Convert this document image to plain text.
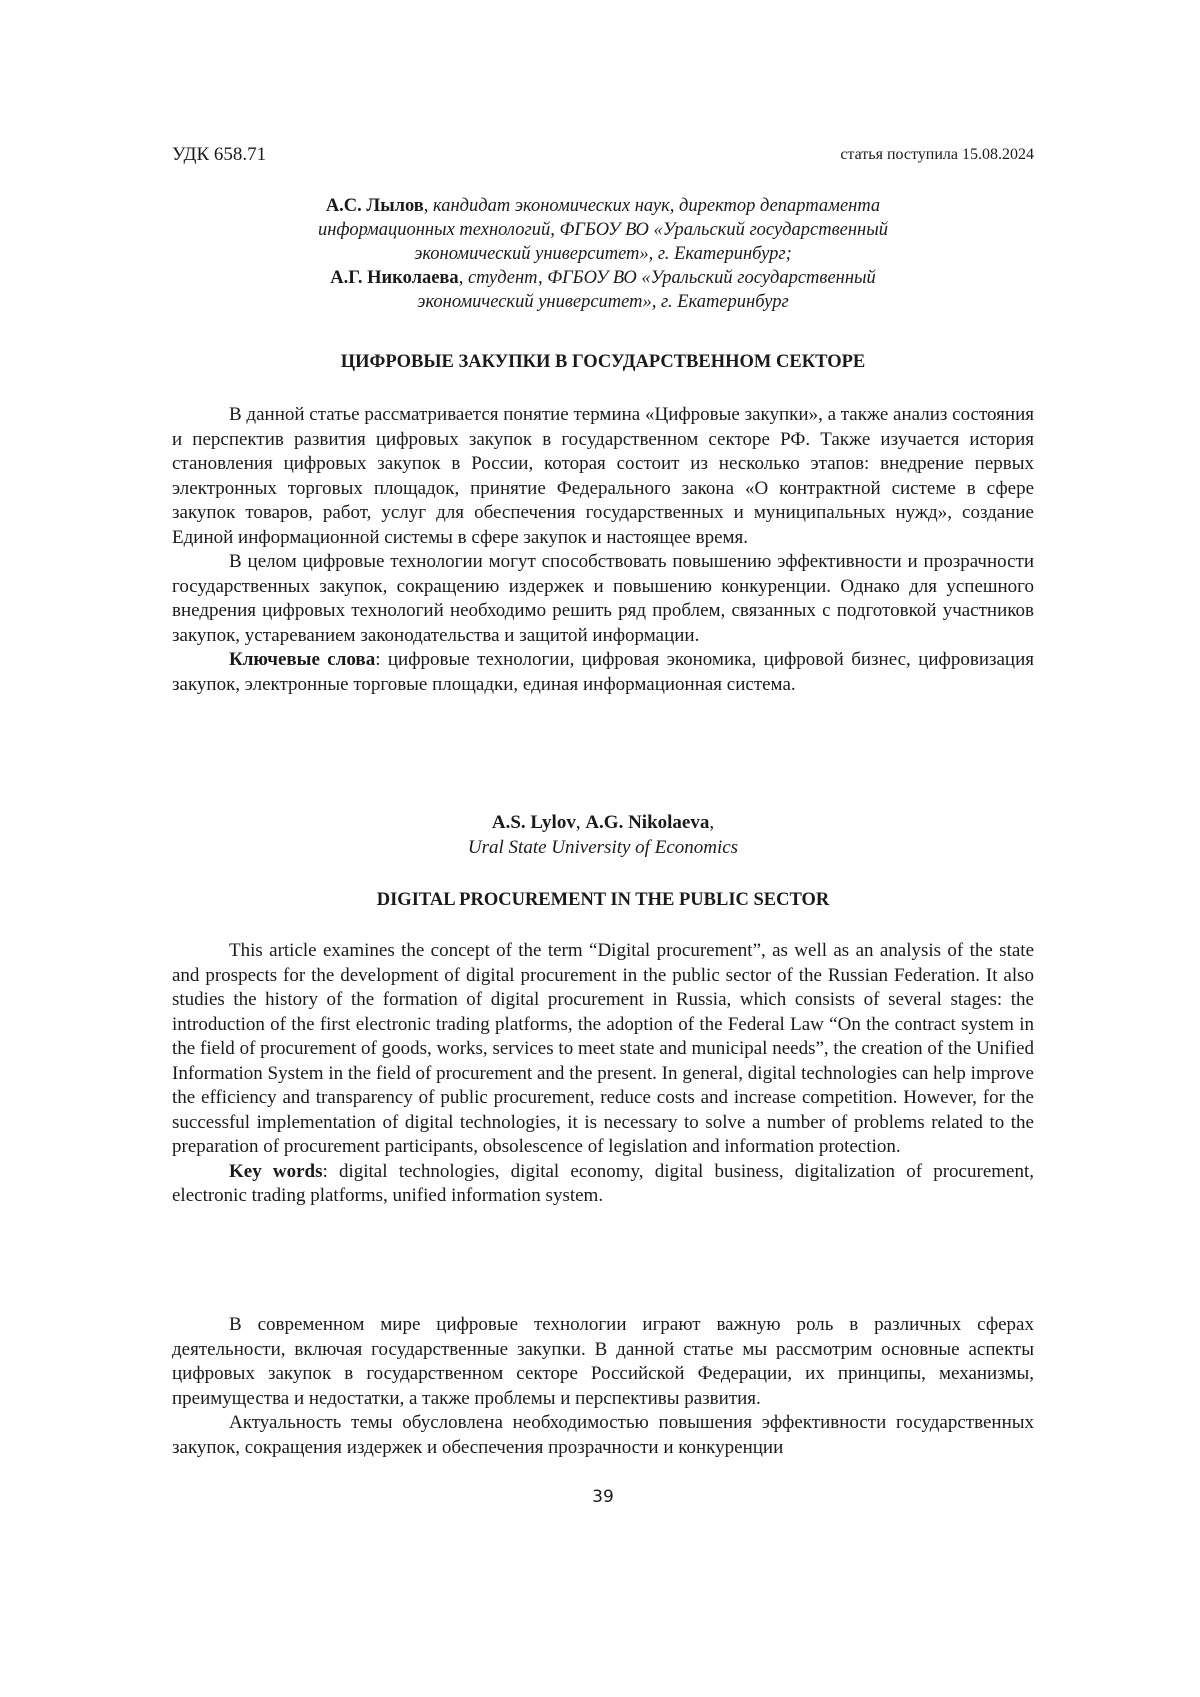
УДК 658.71	статья поступила 15.08.2024
А.С. Лылов, кандидат экономических наук, директор департамента
информационных технологий, ФГБОУ ВО «Уральский государственный
экономический университет», г. Екатеринбург;
А.Г. Николаева, студент, ФГБОУ ВО «Уральский государственный
экономический университет», г. Екатеринбург
ЦИФРОВЫЕ ЗАКУПКИ В ГОСУДАРСТВЕННОМ СЕКТОРЕ

В данной статье рассматривается понятие термина «Цифровые закупки», а также анализ состояния и перспектив развития цифровых закупок в государственном секторе РФ. Также изучается история становления цифровых закупок в России, которая состоит из несколько этапов: внедрение первых электронных торговых площадок, принятие Фе­дерального закона «О контрактной системе в сфере закупок товаров, работ, услуг для обеспечения государственных и муниципальных нужд», создание Единой информацион­ной системы в сфере закупок и настоящее время.

В целом цифровые технологии могут способствовать повышению эффективности и прозрачности государственных закупок, сокращению издержек и повышению конкурен­ции. Однако для успешного внедрения цифровых технологий необходимо решить ряд проблем, связанных с подготовкой участников закупок, устареванием законодательства и защитой информации.

Ключевые слова: цифровые технологии, цифровая экономика, цифровой бизнес, цифровизация закупок, электронные торговые площадки, единая информационная систе­ма.

A.S. Lylov, A.G. Nikolaeva,
Ural State University of Economics
DIGITAL PROCUREMENT IN THE PUBLIC SECTOR

This article examines the concept of the term “Digital procurement”, as well as an analy­sis of the state and prospects for the development of digital procurement in the public sector of the Russian Federation. It also studies the history of the formation of digital procurement in Russia, which consists of several stages: the introduction of the first electronic trading plat­forms, the adoption of the Federal Law “On the contract system in the field of procurement of goods, works, services to meet state and municipal needs”, the creation of the Unified Infor­mation System in the field of procurement and the present. In general, digital technologies can help improve the efficiency and transparency of public procurement, reduce costs and increase competition. However, for the successful implementation of digital technologies, it is necessary to solve a number of problems related to the preparation of procurement participants, obsoles­cence of legislation and information protection.

Key words: digital technologies, digital economy, digital business, digitalization of pro­curement, electronic trading platforms, unified information system.

В современном мире цифровые технологии играют важную роль в различных сфе­рах деятельности, включая государственные закупки. В данной статье мы рассмотрим основные аспекты цифровых закупок в государственном секторе Российской Федерации, их принципы, механизмы, преимущества и недостатки, а также проблемы и перспективы развития.

Актуальность темы обусловлена необходимостью повышения эффективности госу­дарственных закупок, сокращения издержек и обеспечения прозрачности и конкуренции

39
